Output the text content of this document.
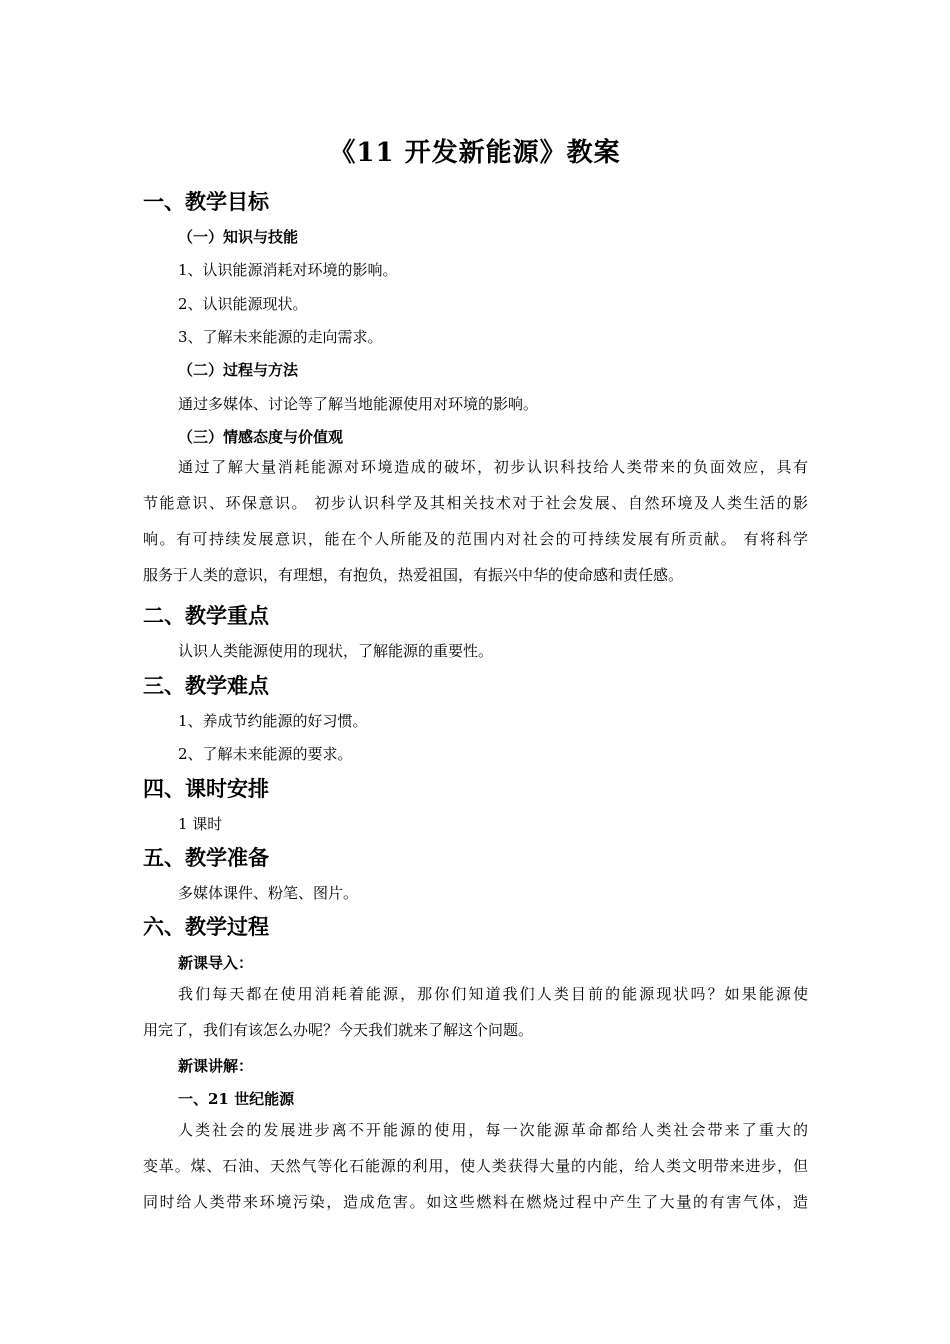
《11 开发新能源》教案
一、教学目标
（一）知识与技能
1、认识能源消耗对环境的影响。
2、认识能源现状。
3、了解未来能源的走向需求。
（二）过程与方法
通过多媒体、讨论等了解当地能源使用对环境的影响。
（三）情感态度与价值观
通过了解大量消耗能源对环境造成的破坏，初步认识科技给人类带来的负面效应，具有
节能意识、环保意识。 初步认识科学及其相关技术对于社会发展、自然环境及人类生活的影
响。有可持续发展意识，能在个人所能及的范围内对社会的可持续发展有所贡献。 有将科学
服务于人类的意识，有理想，有抱负，热爱祖国，有振兴中华的使命感和责任感。
二、教学重点
认识人类能源使用的现状，了解能源的重要性。
三、教学难点
1、养成节约能源的好习惯。
2、了解未来能源的要求。
四、课时安排
1 课时
五、教学准备
多媒体课件、粉笔、图片。
六、教学过程
新课导入：
我们每天都在使用消耗着能源，那你们知道我们人类目前的能源现状吗？如果能源使
用完了，我们有该怎么办呢？今天我们就来了解这个问题。
新课讲解：
一、21 世纪能源
人类社会的发展进步离不开能源的使用，每一次能源革命都给人类社会带来了重大的
变革。煤、石油、天然气等化石能源的利用，使人类获得大量的内能，给人类文明带来进步，但
同时给人类带来环境污染，造成危害。如这些燃料在燃烧过程中产生了大量的有害气体，造
